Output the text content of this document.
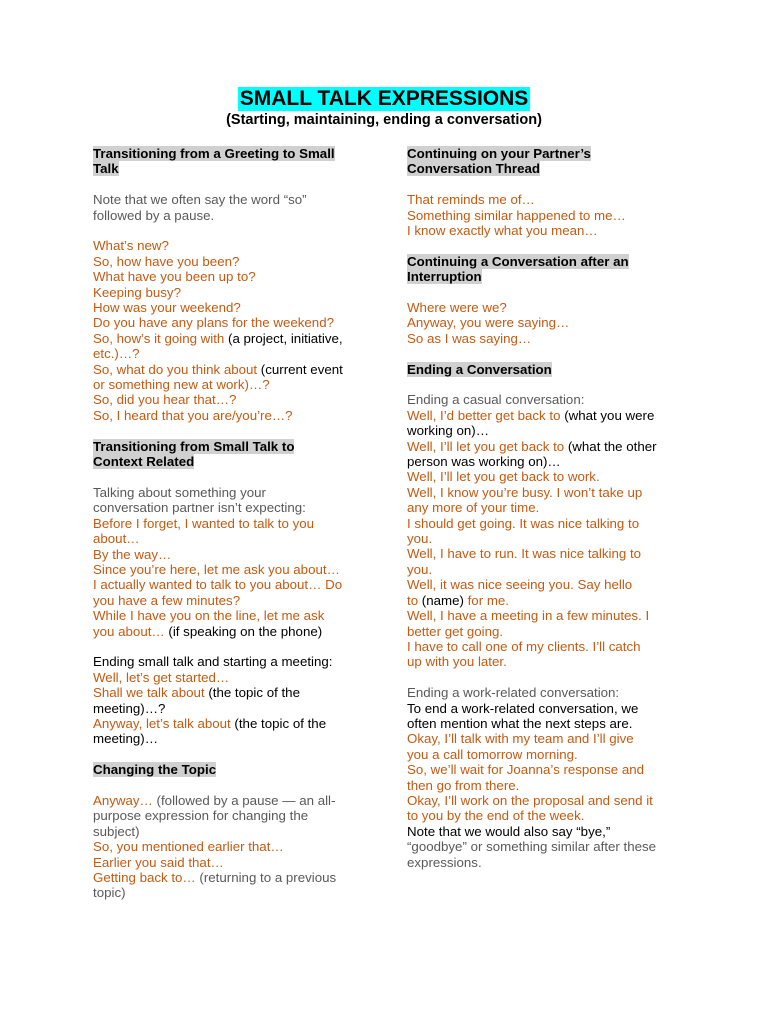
SMALL TALK EXPRESSIONS
(Starting, maintaining, ending a conversation)

Transitioning from a Greeting to Small
Talk

Note that we often say the word “so”
followed by a pause.
What’s new?
So, how have you been?
What have you been up to?
Keeping busy?
How was your weekend?
Do you have any plans for the weekend?
So, how’s it going with (a project, initiative,
etc.)…?
So, what do you think about (current event
or something new at work)…?
So, did you hear that…?
So, I heard that you are/you’re…?

Transitioning from Small Talk to
Context Related

Talking about something your
conversation partner isn’t expecting:
Before I forget, I wanted to talk to you
about…
By the way…
Since you’re here, let me ask you about…
I actually wanted to talk to you about… Do
you have a few minutes?
While I have you on the line, let me ask
you about… (if speaking on the phone)
Ending small talk and starting a meeting:
Well, let’s get started…
Shall we talk about (the topic of the
meeting)…?
Anyway, let’s talk about (the topic of the
meeting)…

Changing the Topic

Anyway… (followed by a pause — an all-
purpose expression for changing the
subject)
So, you mentioned earlier that…
Earlier you said that…
Getting back to… (returning to a previous
topic)

Continuing on your Partner’s
Conversation Thread

That reminds me of…
Something similar happened to me…
I know exactly what you mean…

Continuing a Conversation after an
Interruption

Where were we?
Anyway, you were saying…
So as I was saying…

Ending a Conversation

Ending a casual conversation:
Well, I’d better get back to (what you were
working on)…
Well, I’ll let you get back to (what the other
person was working on)…
Well, I’ll let you get back to work.
Well, I know you’re busy. I won’t take up
any more of your time.
I should get going. It was nice talking to
you.
Well, I have to run. It was nice talking to
you.
Well, it was nice seeing you. Say hello
to (name) for me.
Well, I have a meeting in a few minutes. I
better get going.
I have to call one of my clients. I’ll catch
up with you later.
Ending a work-related conversation:
To end a work-related conversation, we
often mention what the next steps are.
Okay, I’ll talk with my team and I’ll give
you a call tomorrow morning.
So, we’ll wait for Joanna’s response and
then go from there.
Okay, I’ll work on the proposal and send it
to you by the end of the week.
Note that we would also say “bye,”
“goodbye” or something similar after these
expressions.
